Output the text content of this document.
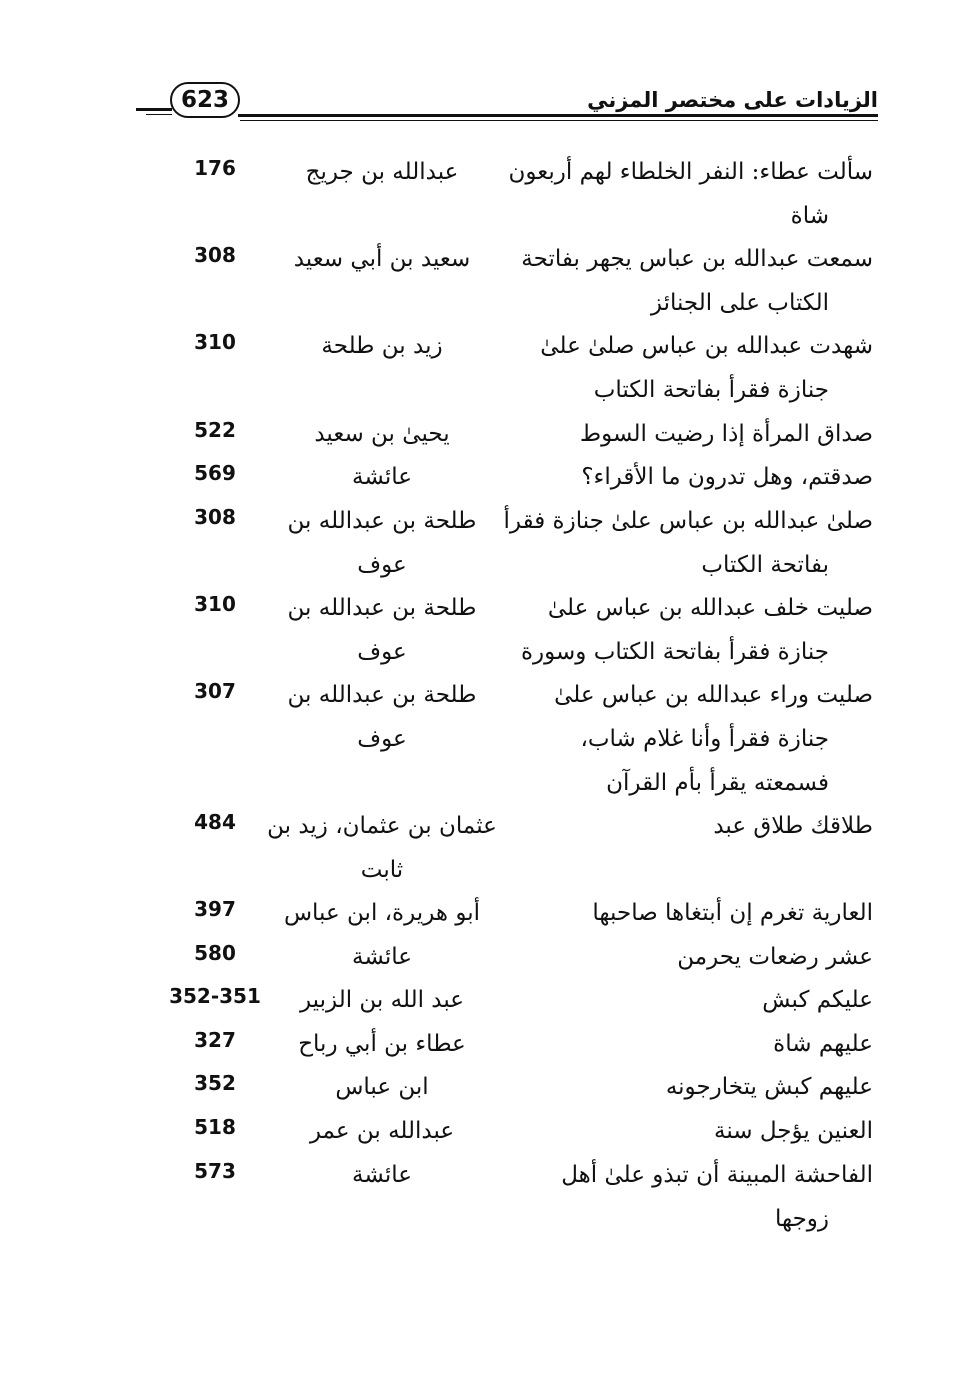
623	الزيادات على مختصر المزني
سألت عطاء: النفر الخلطاء لهم أربعون
شاة
عبدالله بن جريج
176
سمعت عبدالله بن عباس يجهر بفاتحة
الكتاب على الجنائز
سعيد بن أبي سعيد
308
شهدت عبدالله بن عباس صلىٰ علىٰ
جنازة فقرأ بفاتحة الكتاب
زيد بن طلحة
310
صداق المرأة إذا رضيت السوط
يحيىٰ بن سعيد
522
صدقتم، وهل تدرون ما الأقراء؟
عائشة
569
صلىٰ عبدالله بن عباس علىٰ جنازة فقرأ
بفاتحة الكتاب
طلحة بن عبدالله بن
عوف
308
صليت خلف عبدالله بن عباس علىٰ
جنازة فقرأ بفاتحة الكتاب وسورة
طلحة بن عبدالله بن
عوف
310
صليت وراء عبدالله بن عباس علىٰ
جنازة فقرأ وأنا غلام شاب،
فسمعته يقرأ بأم القرآن
طلحة بن عبدالله بن
عوف
307
طلاقك طلاق عبد
عثمان بن عثمان، زيد بن
ثابت
484
العارية تغرم إن أبتغاها صاحبها
أبو هريرة، ابن عباس
397
عشر رضعات يحرمن
عائشة
580
عليكم كبش
عبد الله بن الزبير
352-351
عليهم شاة
عطاء بن أبي رباح
327
عليهم كبش يتخارجونه
ابن عباس
352
العنين يؤجل سنة
عبدالله بن عمر
518
الفاحشة المبينة أن تبذو علىٰ أهل
زوجها
عائشة
573
